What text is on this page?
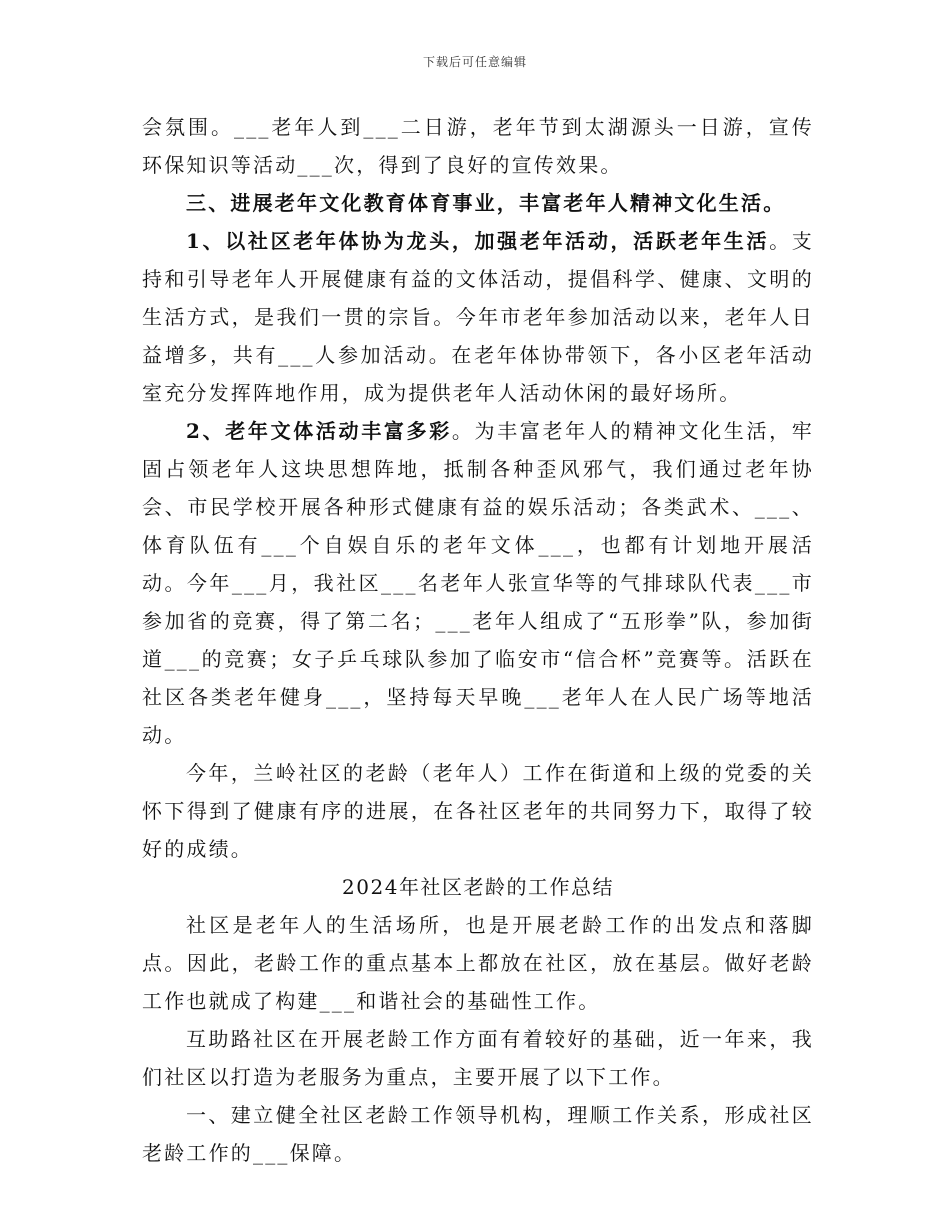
下载后可任意编辑

会氛围。___老年人到___二日游，老年节到太湖源头一日游，宣传环保知识等活动___次，得到了良好的宣传效果。

三、进展老年文化教育体育事业，丰富老年人精神文化生活。

1、以社区老年体协为龙头，加强老年活动，活跃老年生活。支持和引导老年人开展健康有益的文体活动，提倡科学、健康、文明的生活方式，是我们一贯的宗旨。今年市老年参加活动以来，老年人日益增多，共有___人参加活动。在老年体协带领下，各小区老年活动室充分发挥阵地作用，成为提供老年人活动休闲的最好场所。

2、老年文体活动丰富多彩。为丰富老年人的精神文化生活，牢固占领老年人这块思想阵地，抵制各种歪风邪气，我们通过老年协会、市民学校开展各种形式健康有益的娱乐活动；各类武术、___、体育队伍有___个自娱自乐的老年文体___，也都有计划地开展活动。今年___月，我社区___名老年人张宣华等的气排球队代表___市参加省的竞赛，得了第二名；___老年人组成了“五形拳”队，参加街道___的竞赛；女子乒乓球队参加了临安市“信合杯”竞赛等。活跃在社区各类老年健身___，坚持每天早晚___老年人在人民广场等地活动。

今年，兰岭社区的老龄（老年人）工作在街道和上级的党委的关怀下得到了健康有序的进展，在各社区老年的共同努力下，取得了较好的成绩。

2024年社区老龄的工作总结

社区是老年人的生活场所，也是开展老龄工作的出发点和落脚点。因此，老龄工作的重点基本上都放在社区，放在基层。做好老龄工作也就成了构建___和谐社会的基础性工作。

互助路社区在开展老龄工作方面有着较好的基础，近一年来，我们社区以打造为老服务为重点，主要开展了以下工作。

一、建立健全社区老龄工作领导机构，理顺工作关系，形成社区老龄工作的___保障。
